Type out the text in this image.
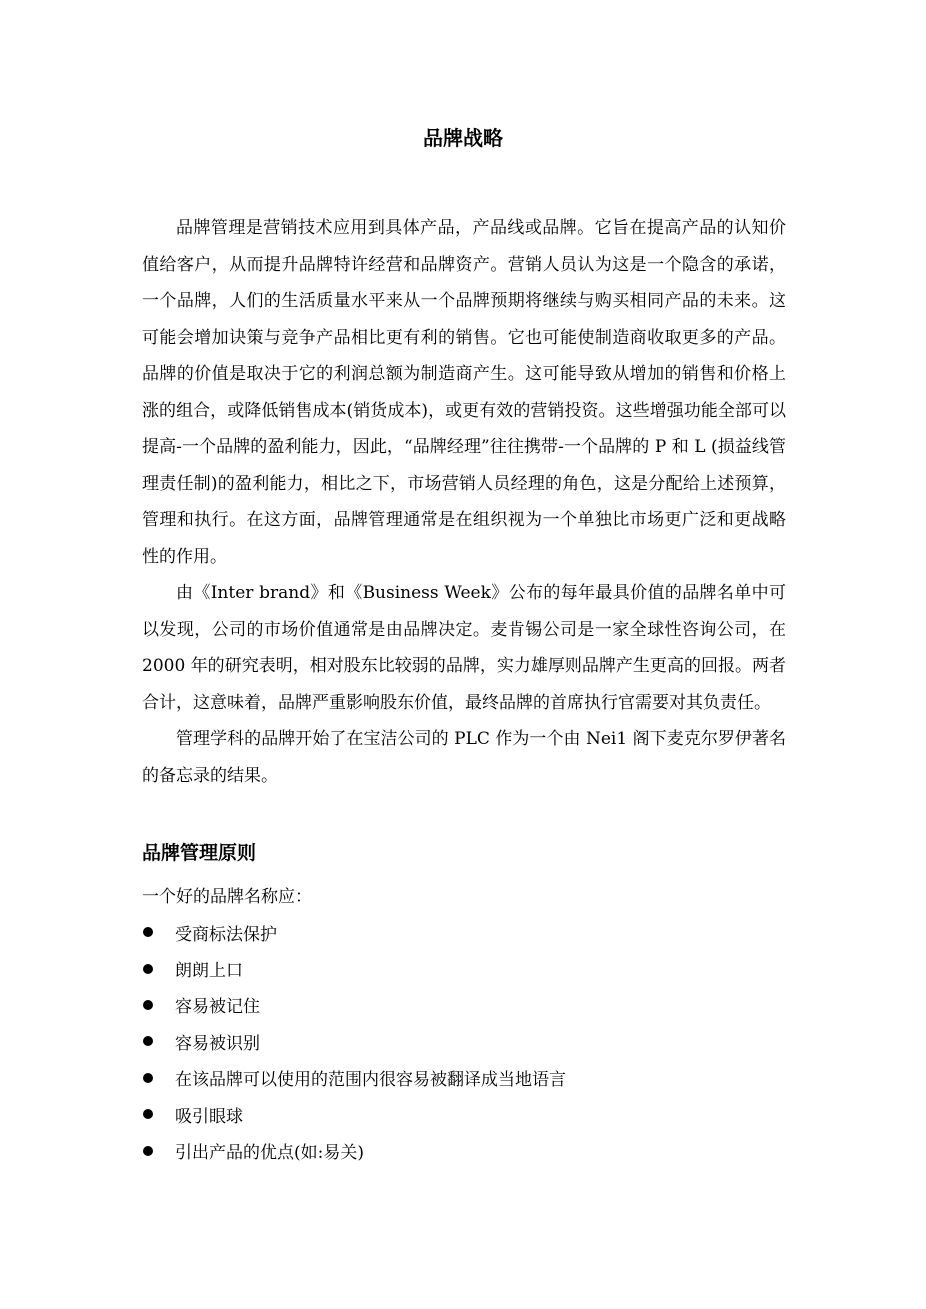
品牌战略

品牌管理是营销技术应用到具体产品，产品线或品牌。它旨在提高产品的认知价值给客户，从而提升品牌特许经营和品牌资产。营销人员认为这是一个隐含的承诺，一个品牌，人们的生活质量水平来从一个品牌预期将继续与购买相同产品的未来。这可能会增加诀策与竞争产品相比更有利的销售。它也可能使制造商收取更多的产品。品牌的价值是取决于它的利润总额为制造商产生。这可能导致从增加的销售和价格上涨的组合，或降低销售成本(销货成本)，或更有效的营销投资。这些增强功能全部可以提高-一个品牌的盈利能力，因此，“品牌经理”往往携带-一个品牌的 P 和 L (损益线管理责任制)的盈利能力，相比之下，市场营销人员经理的角色，这是分配给上述预算，管理和执行。在这方面，品牌管理通常是在组织视为一个单独比市场更广泛和更战略性的作用。

由《Inter brand》和《Business Week》公布的每年最具价值的品牌名单中可以发现，公司的市场价值通常是由品牌决定。麦肯锡公司是一家全球性咨询公司，在 2000 年的研究表明，相对股东比较弱的品牌，实力雄厚则品牌产生更高的回报。两者合计，这意味着，品牌严重影响股东价值，最终品牌的首席执行官需要对其负责任。

管理学科的品牌开始了在宝洁公司的 PLC 作为一个由 Nei1 阁下麦克尔罗伊著名的备忘录的结果。

品牌管理原则

一个好的品牌名称应：

受商标法保护
朗朗上口
容易被记住
容易被识别
在该品牌可以使用的范围内很容易被翻译成当地语言
吸引眼球
引出产品的优点(如:易关)
